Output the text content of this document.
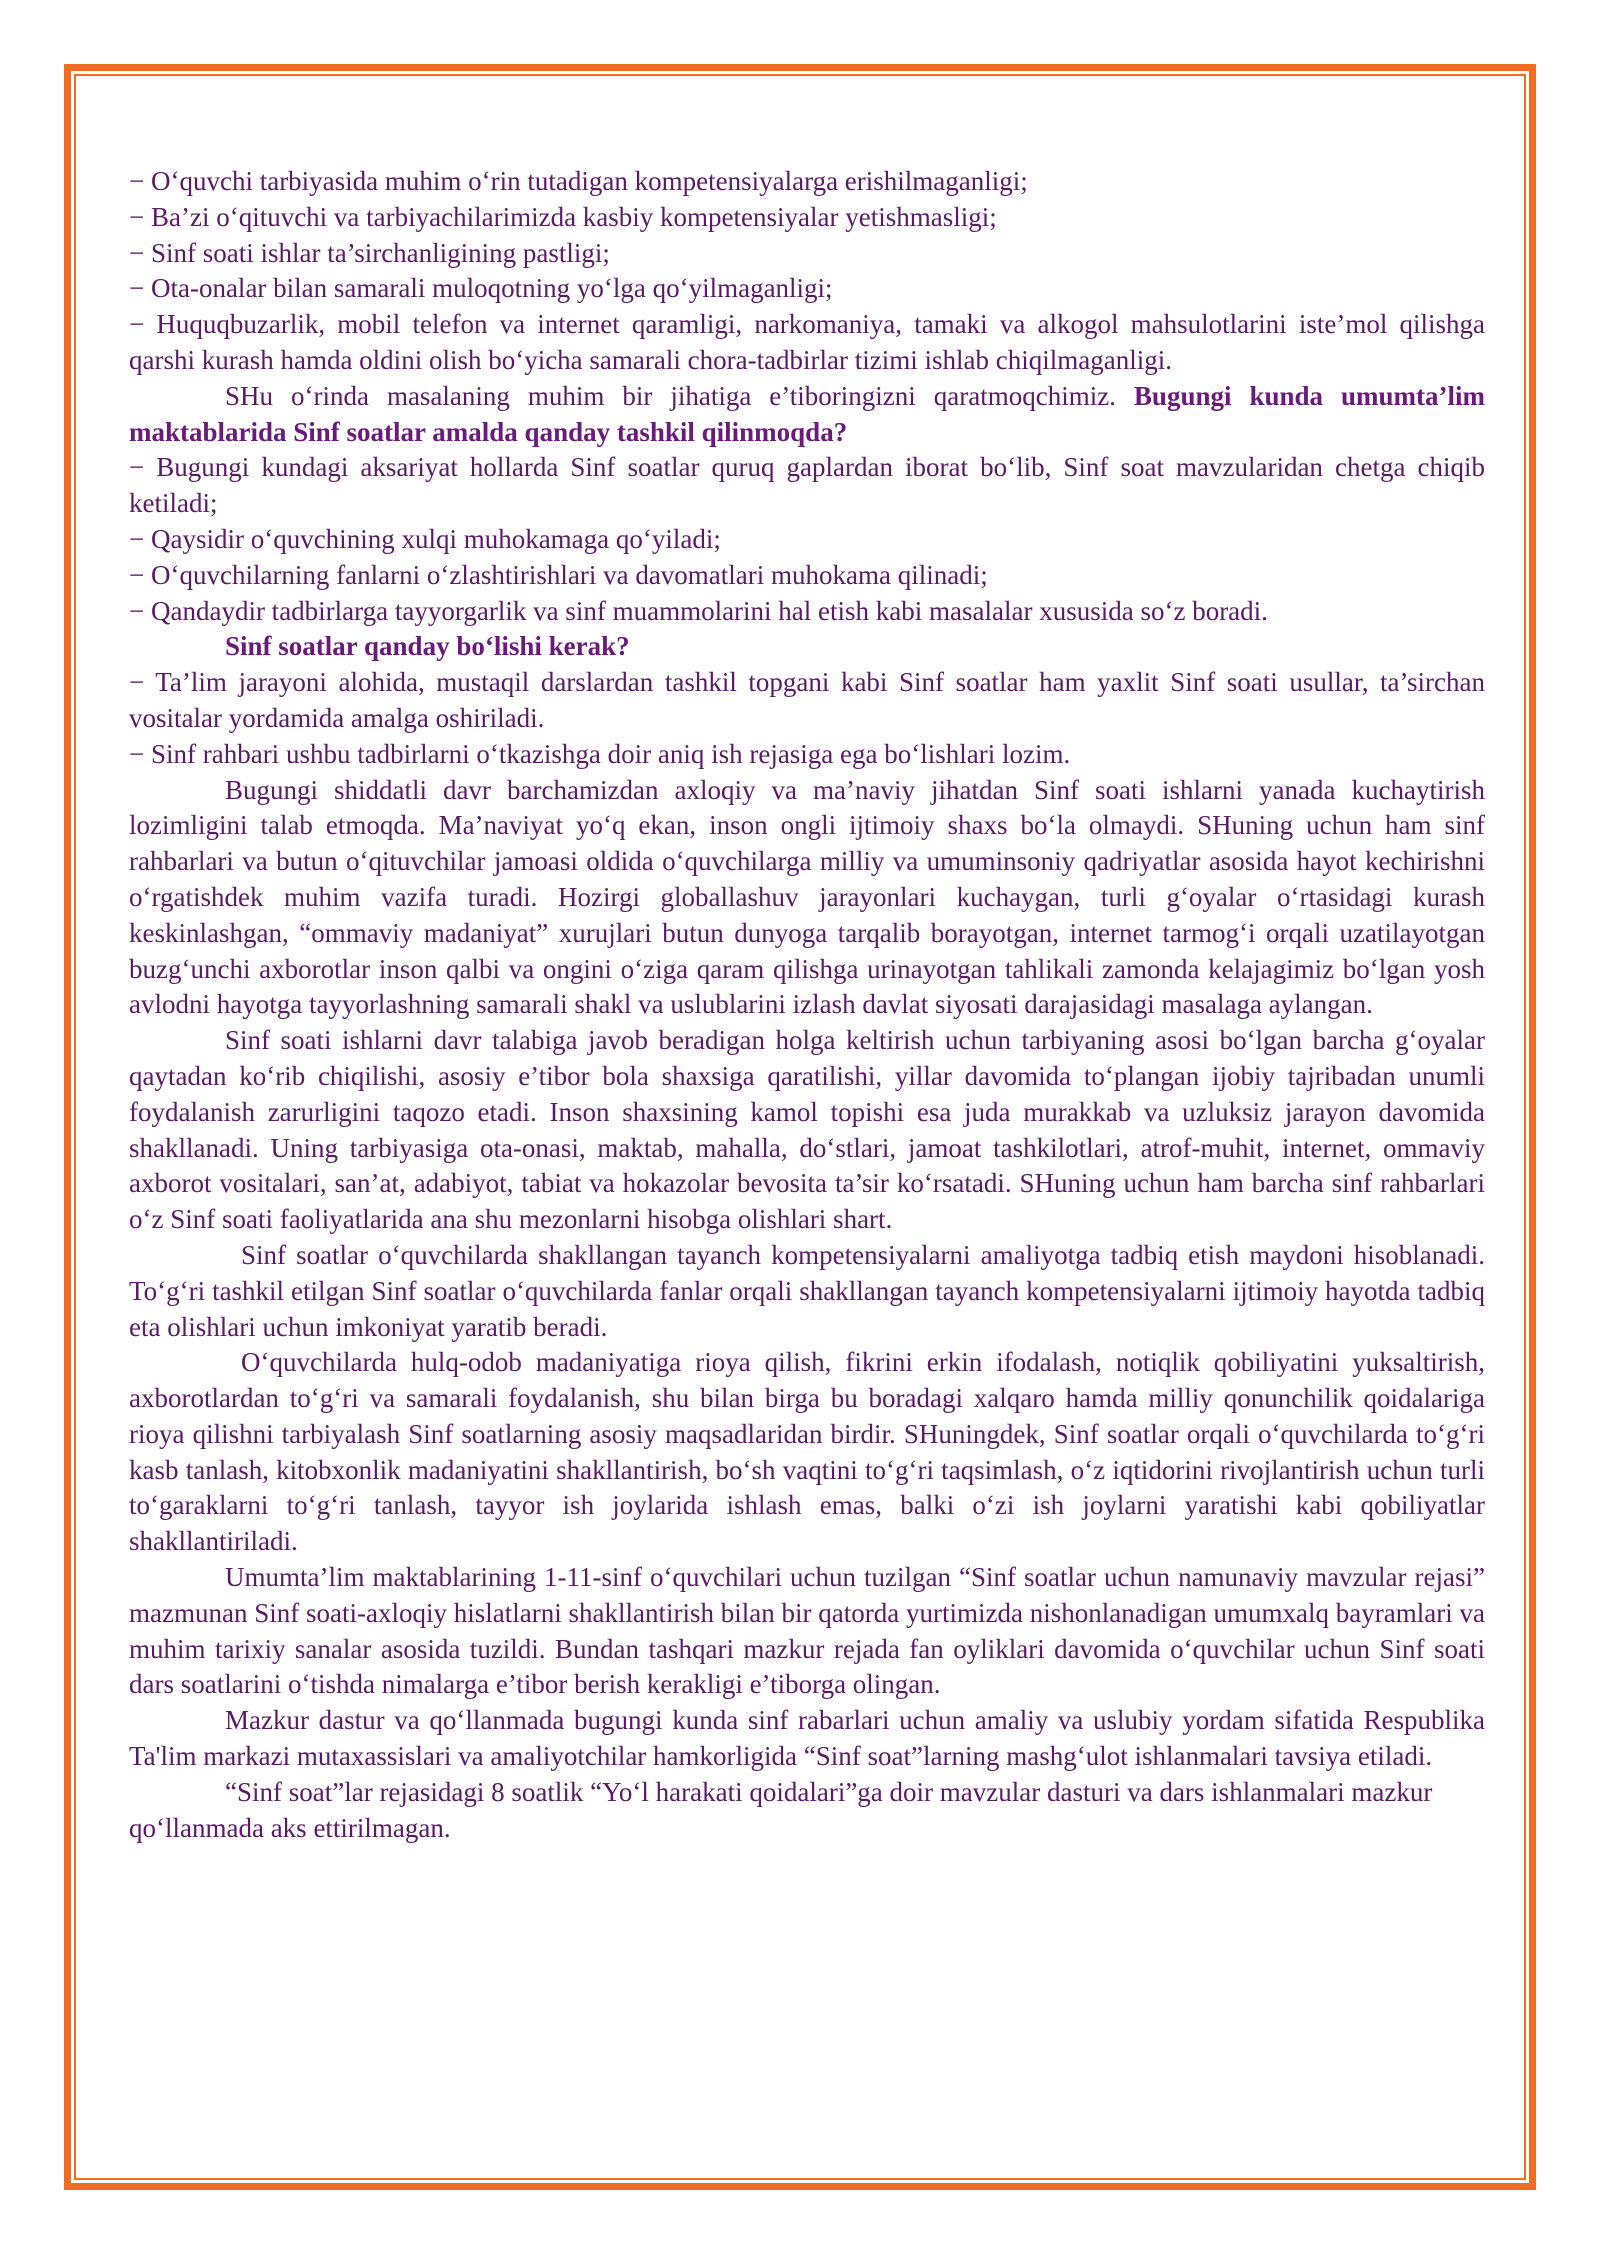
− O‘quvchi tarbiyasida muhim o‘rin tutadigan kompetensiyalarga erishilmaganligi;

− Ba’zi o‘qituvchi va tarbiyachilarimizda kasbiy kompetensiyalar yetishmasligi;

− Sinf soati ishlar ta’sirchanligining pastligi;

− Ota-onalar bilan samarali muloqotning yo‘lga qo‘yilmaganligi;

− Huquqbuzarlik, mobil telefon va internet qaramligi, narkomaniya, tamaki va alkogol mahsulotlarini iste’mol qilishga qarshi kurash hamda oldini olish bo‘yicha samarali chora-tadbirlar tizimi ishlab chiqilmaganligi.

SHu o‘rinda masalaning muhim bir jihatiga e’tiboringizni qaratmoqchimiz. Bugungi kunda umumta’lim maktablarida Sinf soatlar amalda qanday tashkil qilinmoqda?

− Bugungi kundagi aksariyat hollarda Sinf soatlar quruq gaplardan iborat bo‘lib, Sinf soat mavzularidan chetga chiqib ketiladi;

− Qaysidir o‘quvchining xulqi muhokamaga qo‘yiladi;

− O‘quvchilarning fanlarni o‘zlashtirishlari va davomatlari muhokama qilinadi;

− Qandaydir tadbirlarga tayyorgarlik va sinf muammolarini hal etish kabi masalalar xususida so‘z boradi.

Sinf soatlar qanday bo‘lishi kerak?

− Ta’lim jarayoni alohida, mustaqil darslardan tashkil topgani kabi Sinf soatlar ham yaxlit Sinf soati usullar, ta’sirchan vositalar yordamida amalga oshiriladi.

− Sinf rahbari ushbu tadbirlarni o‘tkazishga doir aniq ish rejasiga ega bo‘lishlari lozim.

Bugungi shiddatli davr barchamizdan axloqiy va ma’naviy jihatdan Sinf soati ishlarni yanada kuchaytirish lozimligini talab etmoqda. Ma’naviyat yo‘q ekan, inson ongli ijtimoiy shaxs bo‘la olmaydi. SHuning uchun ham sinf rahbarlari va butun o‘qituvchilar jamoasi oldida o‘quvchilarga milliy va umuminsoniy qadriyatlar asosida hayot kechirishni o‘rgatishdek muhim vazifa turadi. Hozirgi globallashuv jarayonlari kuchaygan, turli g‘oyalar o‘rtasidagi kurash keskinlashgan, “ommaviy madaniyat” xurujlari butun dunyoga tarqalib borayotgan, internet tarmog‘i orqali uzatilayotgan buzg‘unchi axborotlar inson qalbi va ongini o‘ziga qaram qilishga urinayotgan tahlikali zamonda kelajagimiz bo‘lgan yosh avlodni hayotga tayyorlashning samarali shakl va uslublarini izlash davlat siyosati darajasidagi masalaga aylangan.

Sinf soati ishlarni davr talabiga javob beradigan holga keltirish uchun tarbiyaning asosi bo‘lgan barcha g‘oyalar qaytadan ko‘rib chiqilishi, asosiy e’tibor bola shaxsiga qaratilishi, yillar davomida to‘plangan ijobiy tajribadan unumli foydalanish zarurligini taqozo etadi. Inson shaxsining kamol topishi esa juda murakkab va uzluksiz jarayon davomida shakllanadi. Uning tarbiyasiga ota-onasi, maktab, mahalla, do‘stlari, jamoat tashkilotlari, atrof-muhit, internet, ommaviy axborot vositalari, san’at, adabiyot, tabiat va hokazolar bevosita ta’sir ko‘rsatadi. SHuning uchun ham barcha sinf rahbarlari o‘z Sinf soati faoliyatlarida ana shu mezonlarni hisobga olishlari shart.

Sinf soatlar o‘quvchilarda shakllangan tayanch kompetensiyalarni amaliyotga tadbiq etish maydoni hisoblanadi. To‘g‘ri tashkil etilgan Sinf soatlar o‘quvchilarda fanlar orqali shakllangan tayanch kompetensiyalarni ijtimoiy hayotda tadbiq eta olishlari uchun imkoniyat yaratib beradi.

O‘quvchilarda hulq-odob madaniyatiga rioya qilish, fikrini erkin ifodalash, notiqlik qobiliyatini yuksaltirish, axborotlardan to‘g‘ri va samarali foydalanish, shu bilan birga bu boradagi xalqaro hamda milliy qonunchilik qoidalariga rioya qilishni tarbiyalash Sinf soatlarning asosiy maqsadlaridan birdir. SHuningdek, Sinf soatlar orqali o‘quvchilarda to‘g‘ri kasb tanlash, kitobxonlik madaniyatini shakllantirish, bo‘sh vaqtini to‘g‘ri taqsimlash, o‘z iqtidorini rivojlantirish uchun turli to‘garaklarni to‘g‘ri tanlash, tayyor ish joylarida ishlash emas, balki o‘zi ish joylarni yaratishi kabi qobiliyatlar shakllantiriladi.

Umumta’lim maktablarining 1-11-sinf o‘quvchilari uchun tuzilgan “Sinf soatlar uchun namunaviy mavzular rejasi” mazmunan Sinf soati-axloqiy hislatlarni shakllantirish bilan bir qatorda yurtimizda nishonlanadigan umumxalq bayramlari va muhim tarixiy sanalar asosida tuzildi. Bundan tashqari mazkur rejada fan oyliklari davomida o‘quvchilar uchun Sinf soati dars soatlarini o‘tishda nimalarga e’tibor berish kerakligi e’tiborga olingan.

Mazkur dastur va qo‘llanmada bugungi kunda sinf rabarlari uchun amaliy va uslubiy yordam sifatida Respublika Ta'lim markazi mutaxassislari va amaliyotchilar hamkorligida “Sinf soat”larning mashg‘ulot ishlanmalari tavsiya etiladi.

“Sinf soat”lar rejasidagi 8 soatlik “Yo‘l harakati qoidalari”ga doir mavzular dasturi va dars ishlanmalari mazkur qo‘llanmada aks ettirilmagan.
